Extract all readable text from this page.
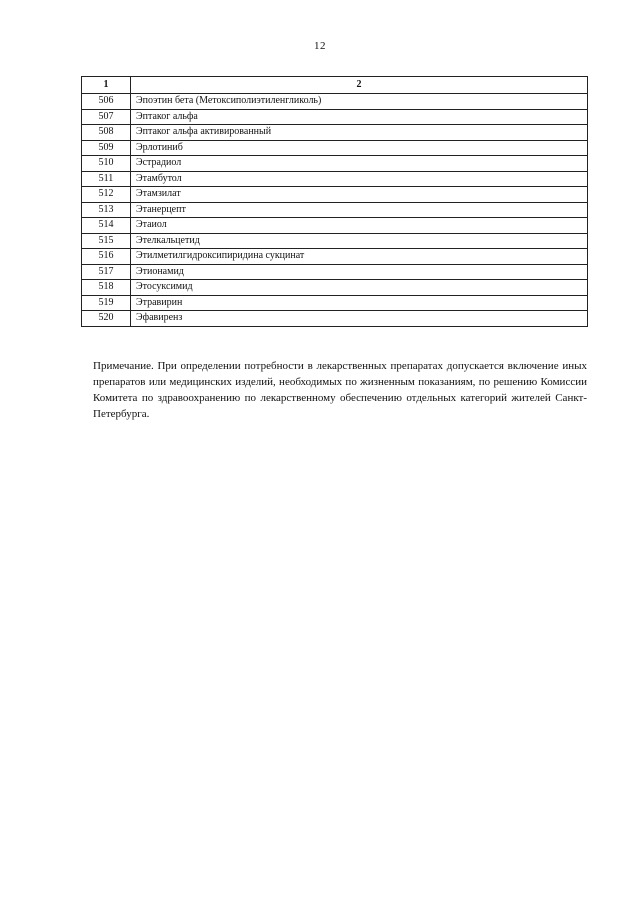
12
1	2
506	Эпоэтин бета (Метоксиполиэтиленгликоль)
507	Эптаког альфа
508	Эптаког альфа активированный
509	Эрлотиниб
510	Эстрадиол
511	Этамбутол
512	Этамзилат
513	Этанерцепт
514	Этаиол
515	Этелкальцетид
516	Этилметилгидроксипиридина сукцинат
517	Этионамид
518	Этосуксимид
519	Этравирин
520	Эфавиренз

Примечание. При определении потребности в лекарственных препаратах допускается включение иных препаратов или медицинских изделий, необходимых по жизненным показаниям, по решению Комиссии Комитета по здравоохранению по лекарственному обеспечению отдельных категорий жителей Санкт-Петербурга.
